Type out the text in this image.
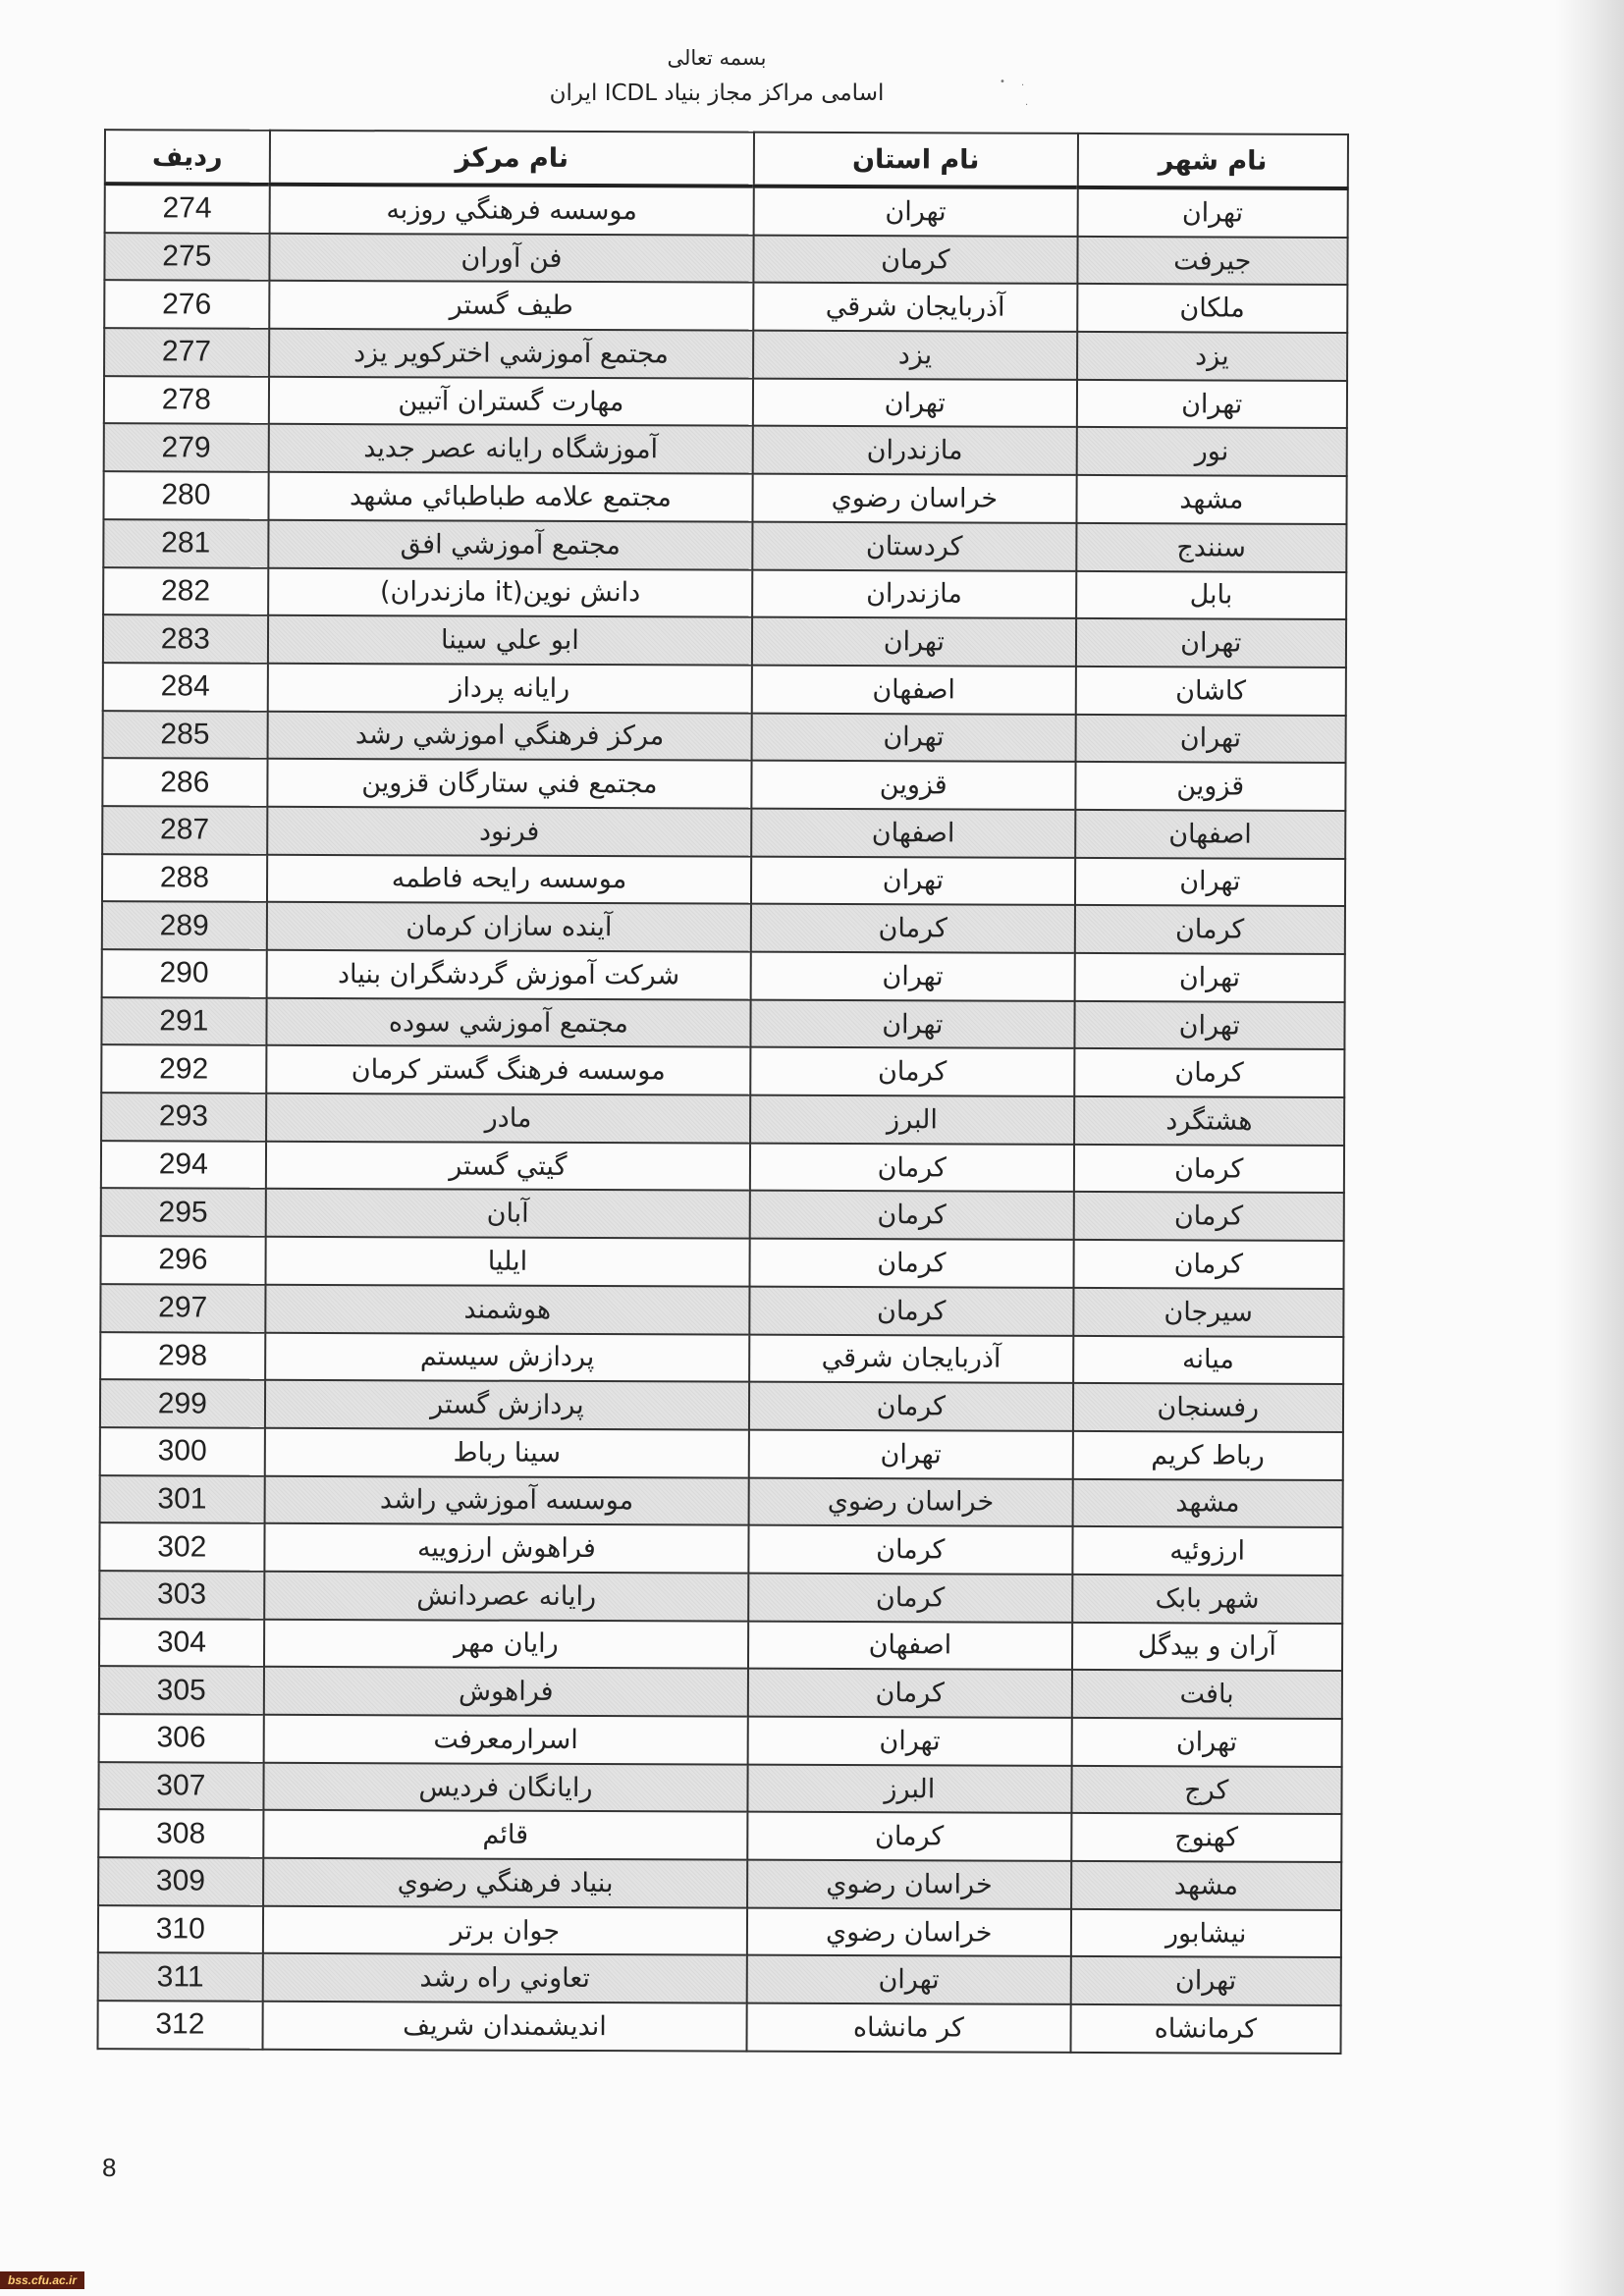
بسمه تعالی
اسامی مراکز مجاز بنیاد ICDL ایران	• ·
·
نام شهر	نام استان	نام مرکز	ردیف
تهران	تهران	موسسه فرهنگي روزبه	274
جيرفت	كرمان	فن آوران	275
ملكان	آذربايجان شرقي	طيف گستر	276
يزد	يزد	مجتمع آموزشي اخترکوير يزد	277
تهران	تهران	مهارت گستران آتبين	278
نور	مازندران	آموزشگاه رايانه عصر جديد	279
مشهد	خراسان رضوي	مجتمع علامه طباطبائي مشهد	280
سنندج	كردستان	مجتمع آموزشي افق	281
بابل	مازندران	دانش نوين(it مازندران)	282
تهران	تهران	ابو علي سينا	283
كاشان	اصفهان	رايانه پرداز	284
تهران	تهران	مركز فرهنگي اموزشي رشد	285
قزوين	قزوين	مجتمع فني ستارگان قزوين	286
اصفهان	اصفهان	فرنود	287
تهران	تهران	موسسه رايحه فاطمه	288
كرمان	كرمان	آينده سازان كرمان	289
تهران	تهران	شركت آموزش گردشگران بنياد	290
تهران	تهران	مجتمع آموزشي سوده	291
كرمان	كرمان	موسسه فرهنگ گستر كرمان	292
هشتگرد	البرز	مادر	293
كرمان	كرمان	گيتي گستر	294
كرمان	كرمان	آبان	295
كرمان	كرمان	ايليا	296
سيرجان	كرمان	هوشمند	297
ميانه	آذربايجان شرقي	پردازش سيستم	298
رفسنجان	كرمان	پردازش گستر	299
رباط كريم	تهران	سينا رباط	300
مشهد	خراسان رضوي	موسسه آموزشي راشد	301
ارزوئيه	كرمان	فراهوش ارزوييه	302
شهر بابک	كرمان	رايانه عصردانش	303
آران و بيدگل	اصفهان	رايان مهر	304
بافت	كرمان	فراهوش	305
تهران	تهران	اسرارمعرفت	306
كرج	البرز	رايانگان فرديس	307
كهنوج	كرمان	قائم	308
مشهد	خراسان رضوي	بنياد فرهنگي رضوي	309
نيشابور	خراسان رضوي	جوان برتر	310
تهران	تهران	تعاوني راه رشد	311
کرمانشاه	کر مانشاه	انديشمندان شريف	312
8
bss.cfu.ac.ir
